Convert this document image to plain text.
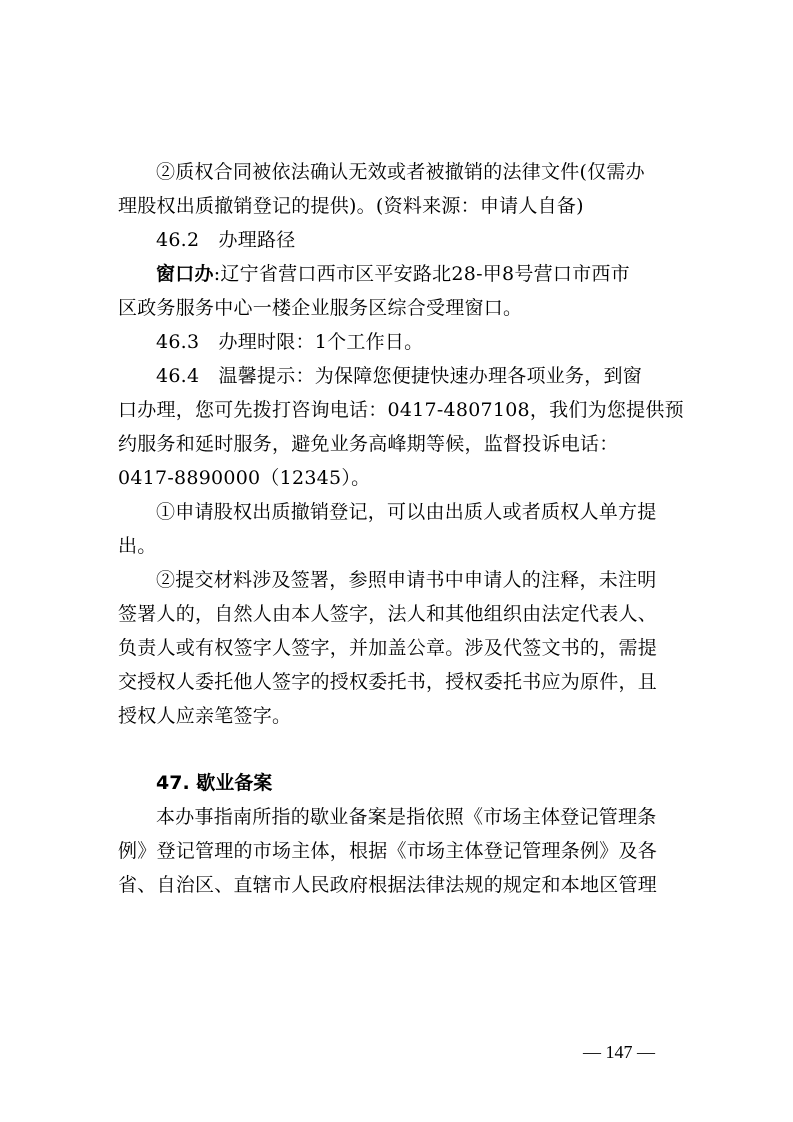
②质权合同被依法确认无效或者被撤销的法律文件(仅需办
理股权出质撤销登记的提供)。(资料来源：申请人自备)
46.2　办理路径
窗口办:辽宁省营口西市区平安路北28-甲8号营口市西市
区政务服务中心一楼企业服务区综合受理窗口。
46.3　办理时限：1个工作日。
46.4　温馨提示：为保障您便捷快速办理各项业务，到窗
口办理，您可先拨打咨询电话：0417-4807108，我们为您提供预
约服务和延时服务，避免业务高峰期等候，监督投诉电话：
0417-8890000（12345）。
①申请股权出质撤销登记，可以由出质人或者质权人单方提
出。
②提交材料涉及签署，参照申请书中申请人的注释，未注明
签署人的，自然人由本人签字，法人和其他组织由法定代表人、
负责人或有权签字人签字，并加盖公章。涉及代签文书的，需提
交授权人委托他人签字的授权委托书，授权委托书应为原件，且
授权人应亲笔签字。
47. 歇业备案
本办事指南所指的歇业备案是指依照《市场主体登记管理条
例》登记管理的市场主体，根据《市场主体登记管理条例》及各
省、自治区、直辖市人民政府根据法律法规的规定和本地区管理
— 147 —
